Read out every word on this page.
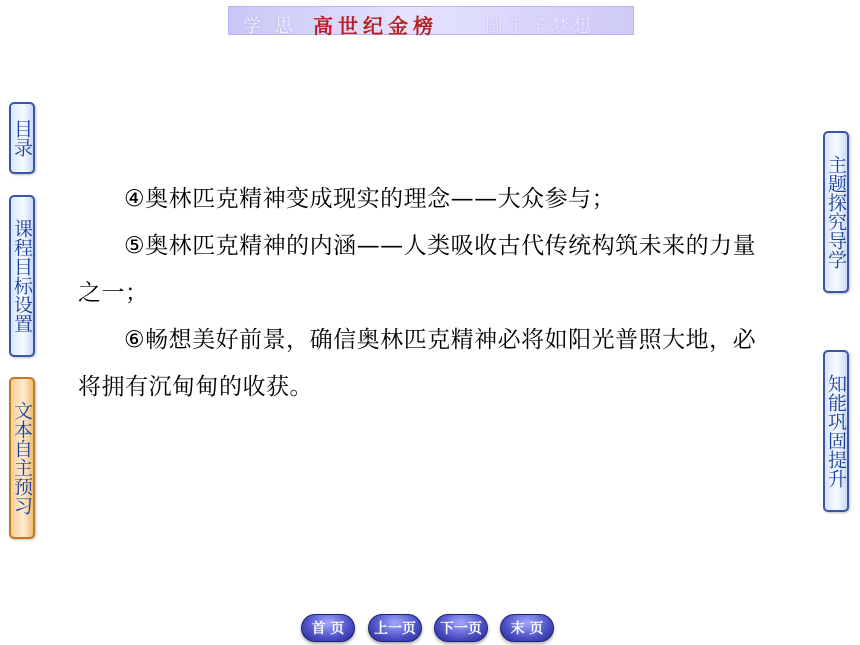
学 思 高世纪金榜	圆学子梦想
目录
课程目标设置
文本自主预习
主题探究导学
知能巩固提升

④奥林匹克精神变成现实的理念——大众参与；

⑤奥林匹克精神的内涵——人类吸收古代传统构筑未来的力量之一；

⑥畅想美好前景，确信奥林匹克精神必将如阳光普照大地，必将拥有沉甸甸的收获。

首 页	上一页	下一页	末 页
